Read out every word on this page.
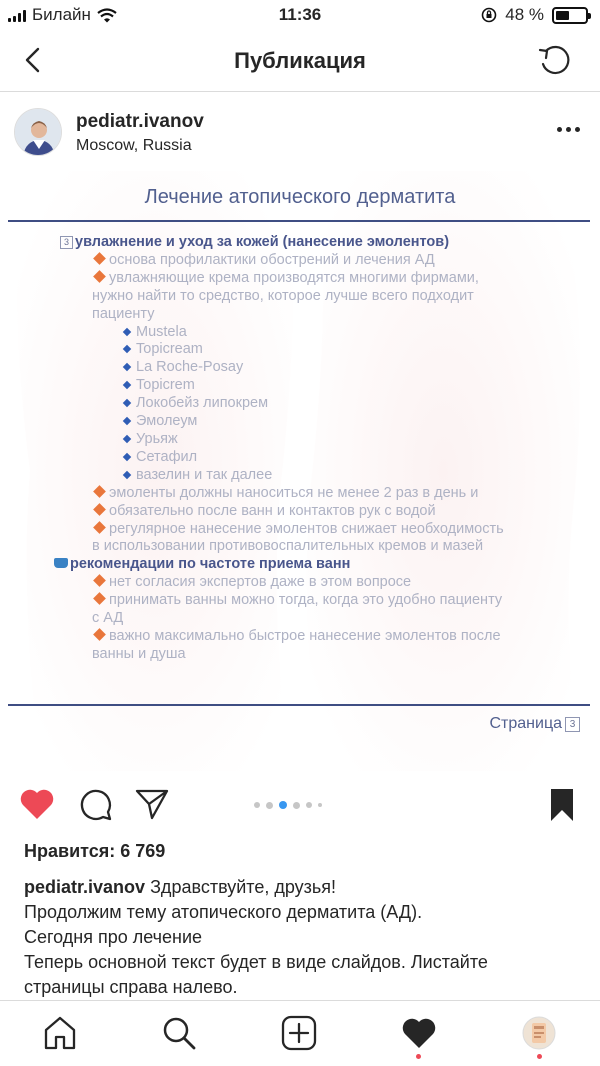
Билайн	11:36	48 %
Публикация
pediatr.ivanov
Moscow, Russia
Лечение атопического дерматита
3 увлажнение и уход за кожей (нанесение эмолентов)
основа профилактики обострений и лечения АД
увлажняющие крема производятся многими фирмами,
нужно найти то средство, которое лучше всего подходит
пациенту
Mustela
Topicream
La Roche-Posay
Topicrem
Локобейз липокрем
Эмолеум
Урьяж
Сетафил
вазелин и так далее
эмоленты должны наноситься не менее 2 раз в день и
обязательно после ванн и контактов рук с водой
регулярное нанесение эмолентов снижает необходимость
в использовании противовоспалительных кремов и мазей
рекомендации по частоте приема ванн
нет согласия экспертов даже в этом вопросе
принимать ванны можно тогда, когда это удобно пациенту
с АД
важно максимально быстрое нанесение эмолентов после
ванны и душа
Страница 3
Нравится: 6 769
pediatr.ivanov Здравствуйте, друзья!
Продолжим тему атопического дерматита (АД).
Сегодня про лечение
Теперь основной текст будет в виде слайдов. Листайте
страницы справа налево.
